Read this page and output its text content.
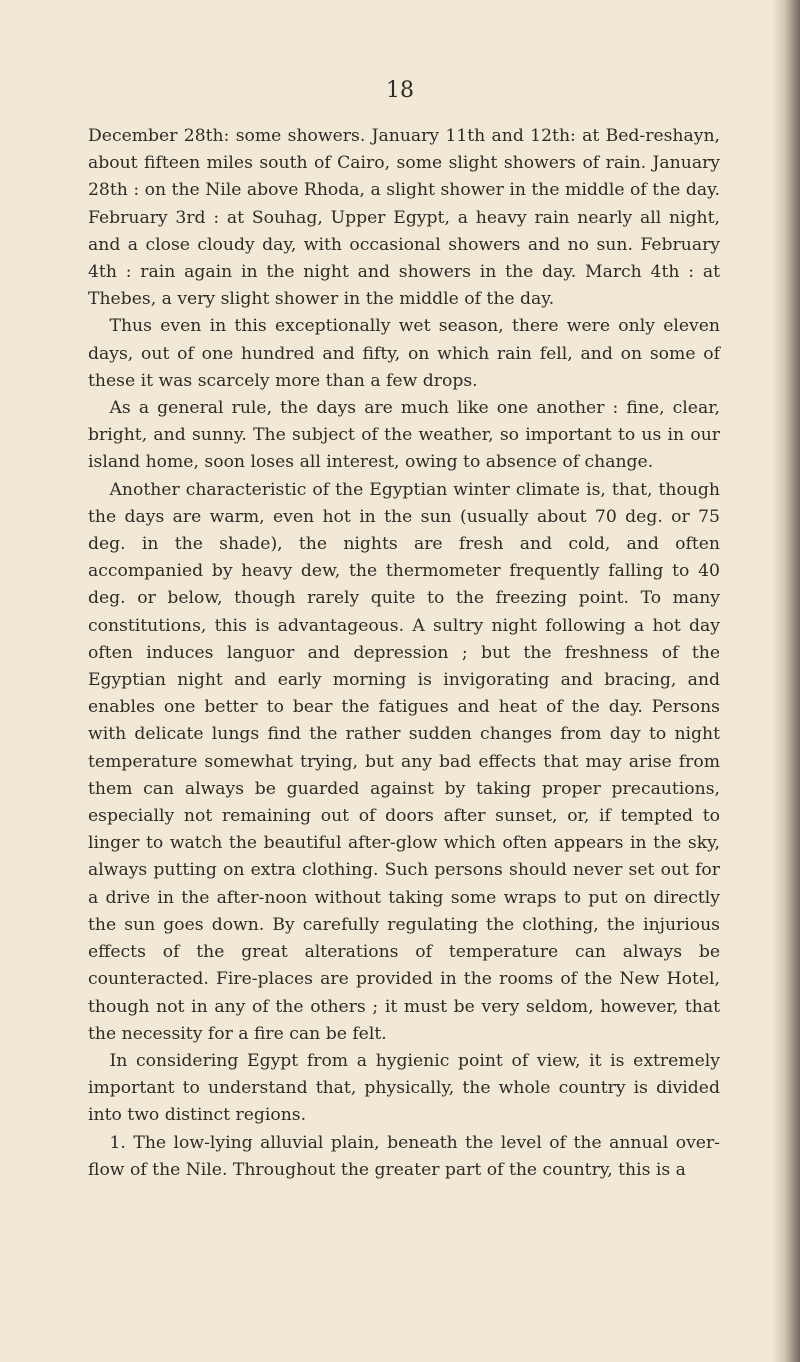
18

December 28th: some showers. January 11th and 12th: at Bed-reshayn, about fifteen miles south of Cairo, some slight showers of rain. January 28th : on the Nile above Rhoda, a slight shower in the middle of the day. February 3rd : at Souhag, Upper Egypt, a heavy rain nearly all night, and a close cloudy day, with occasional showers and no sun. February 4th : rain again in the night and showers in the day. March 4th : at Thebes, a very slight shower in the middle of the day.

Thus even in this exceptionally wet season, there were only eleven days, out of one hundred and fifty, on which rain fell, and on some of these it was scarcely more than a few drops.

As a general rule, the days are much like one another : fine, clear, bright, and sunny. The subject of the weather, so important to us in our island home, soon loses all interest, owing to absence of change.

Another characteristic of the Egyptian winter climate is, that, though the days are warm, even hot in the sun (usually about 70 deg. or 75 deg. in the shade), the nights are fresh and cold, and often accompanied by heavy dew, the thermometer frequently falling to 40 deg. or below, though rarely quite to the freezing point. To many constitutions, this is advantageous. A sultry night following a hot day often induces languor and depression ; but the freshness of the Egyptian night and early morning is invigorating and bracing, and enables one better to bear the fatigues and heat of the day. Persons with delicate lungs find the rather sudden changes from day to night temperature somewhat trying, but any bad effects that may arise from them can always be guarded against by taking proper precautions, especially not remaining out of doors after sunset, or, if tempted to linger to watch the beautiful after-glow which often appears in the sky, always putting on extra clothing. Such persons should never set out for a drive in the after-noon without taking some wraps to put on directly the sun goes down. By carefully regulating the clothing, the injurious effects of the great alterations of temperature can always be counteracted. Fire-places are provided in the rooms of the New Hotel, though not in any of the others ; it must be very seldom, however, that the necessity for a fire can be felt.

In considering Egypt from a hygienic point of view, it is extremely important to understand that, physically, the whole country is divided into two distinct regions.

1. The low-lying alluvial plain, beneath the level of the annual over-flow of the Nile. Throughout the greater part of the country, this is a
